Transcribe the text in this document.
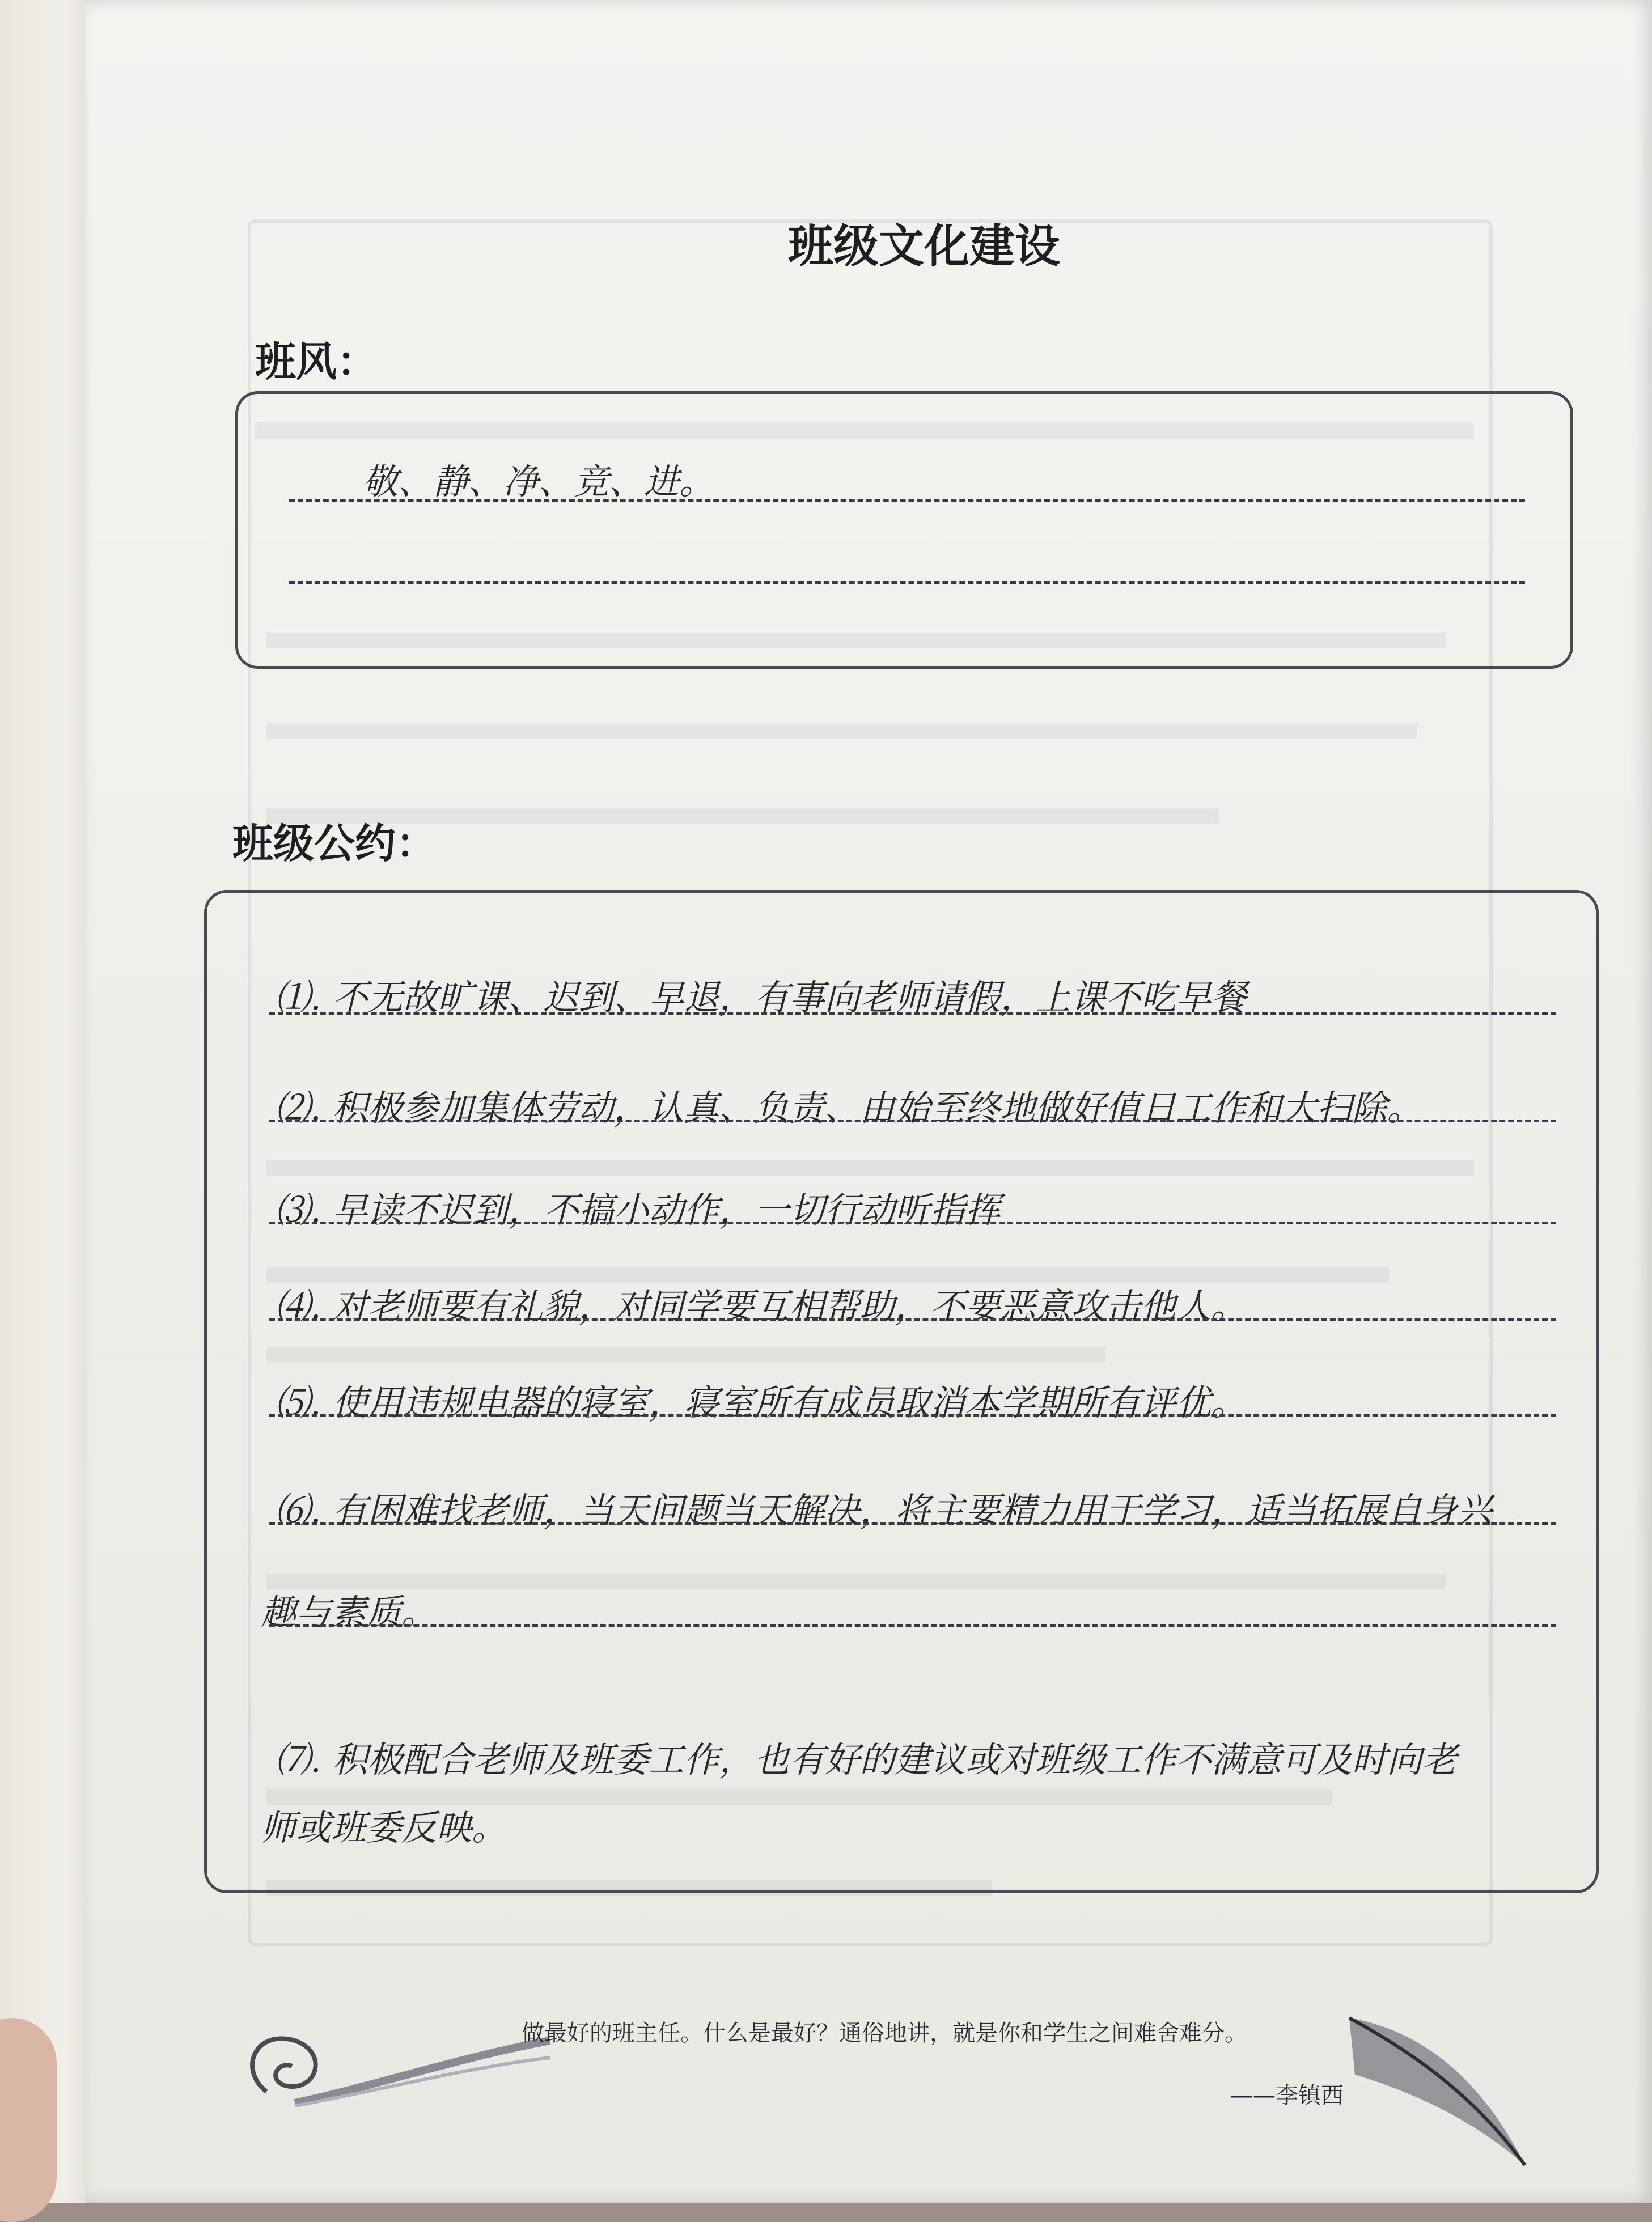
班级文化建设
班风：
敬、静、净、竞、进。
班级公约：
⑴. 不无故旷课、迟到、早退，有事向老师请假，上课不吃早餐
⑵. 积极参加集体劳动，认真、负责、由始至终地做好值日工作和大扫除。
⑶. 早读不迟到，不搞小动作，一切行动听指挥
⑷. 对老师要有礼貌，对同学要互相帮助，不要恶意攻击他人。
⑸. 使用违规电器的寝室，寝室所有成员取消本学期所有评优。
⑹. 有困难找老师，当天问题当天解决，将主要精力用于学习，适当拓展自身兴
趣与素质。
⑺. 积极配合老师及班委工作，也有好的建议或对班级工作不满意可及时向老
师或班委反映。
做最好的班主任。什么是最好？通俗地讲，就是你和学生之间难舍难分。
——李镇西
